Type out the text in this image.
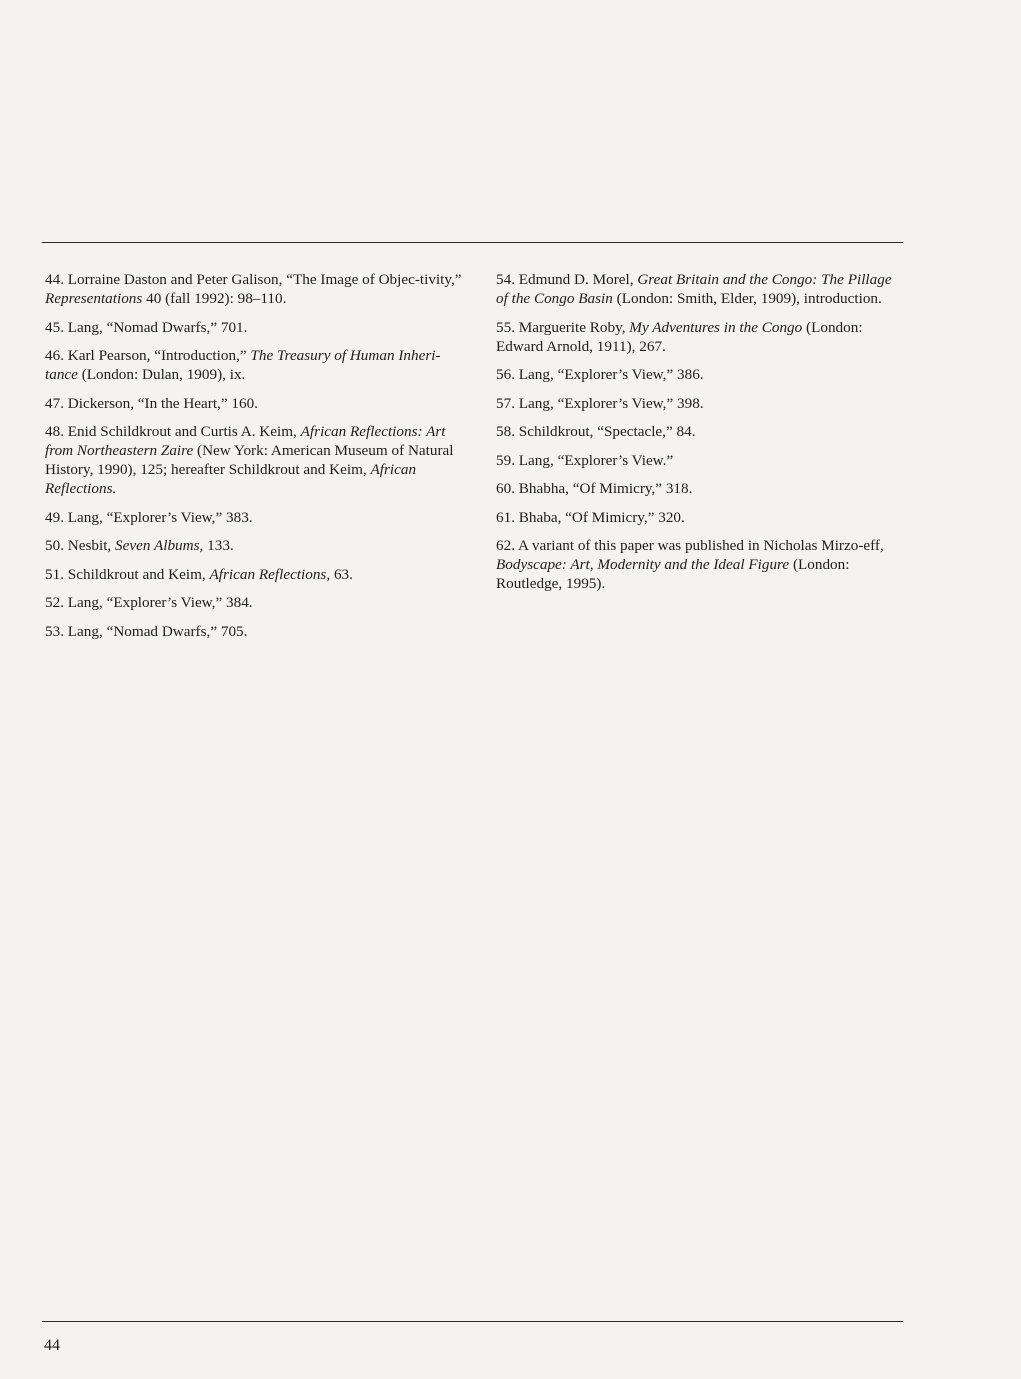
44. Lorraine Daston and Peter Galison, “The Image of Objec-tivity,” Representations 40 (fall 1992): 98–110.

45. Lang, “Nomad Dwarfs,” 701.

46. Karl Pearson, “Introduction,” The Treasury of Human Inheri-tance (London: Dulan, 1909), ix.

47. Dickerson, “In the Heart,” 160.

48. Enid Schildkrout and Curtis A. Keim, African Reflections: Art from Northeastern Zaire (New York: American Museum of Natural History, 1990), 125; hereafter Schildkrout and Keim, African Reflections.

49. Lang, “Explorer’s View,” 383.

50. Nesbit, Seven Albums, 133.

51. Schildkrout and Keim, African Reflections, 63.

52. Lang, “Explorer’s View,” 384.

53. Lang, “Nomad Dwarfs,” 705.

54. Edmund D. Morel, Great Britain and the Congo: The Pillage of the Congo Basin (London: Smith, Elder, 1909), introduction.

55. Marguerite Roby, My Adventures in the Congo (London: Edward Arnold, 1911), 267.

56. Lang, “Explorer’s View,” 386.

57. Lang, “Explorer’s View,” 398.

58. Schildkrout, “Spectacle,” 84.

59. Lang, “Explorer’s View.”

60. Bhabha, “Of Mimicry,” 318.

61. Bhaba, “Of Mimicry,” 320.

62. A variant of this paper was published in Nicholas Mirzo-eff, Bodyscape: Art, Modernity and the Ideal Figure (London: Routledge, 1995).

44
